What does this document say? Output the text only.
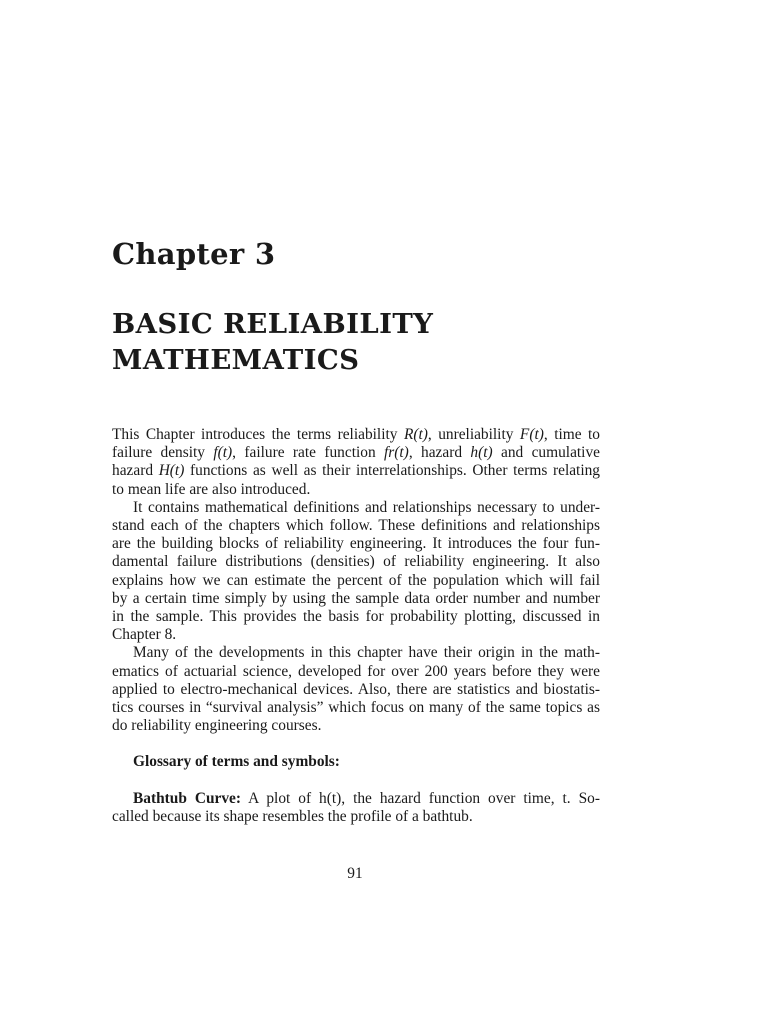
Chapter 3
BASIC RELIABILITY
MATHEMATICS
This Chapter introduces the terms reliability R(t), unreliability F(t), time to
failure density f(t), failure rate function fr(t), hazard h(t) and cumulative
hazard H(t) functions as well as their interrelationships. Other terms relating
to mean life are also introduced.
It contains mathematical definitions and relationships necessary to under-
stand each of the chapters which follow. These definitions and relationships
are the building blocks of reliability engineering. It introduces the four fun-
damental failure distributions (densities) of reliability engineering. It also
explains how we can estimate the percent of the population which will fail
by a certain time simply by using the sample data order number and number
in the sample. This provides the basis for probability plotting, discussed in
Chapter 8.
Many of the developments in this chapter have their origin in the math-
ematics of actuarial science, developed for over 200 years before they were
applied to electro-mechanical devices. Also, there are statistics and biostatis-
tics courses in “survival analysis” which focus on many of the same topics as
do reliability engineering courses.
Glossary of terms and symbols:
Bathtub Curve: A plot of h(t), the hazard function over time, t. So-
called because its shape resembles the profile of a bathtub.
91
